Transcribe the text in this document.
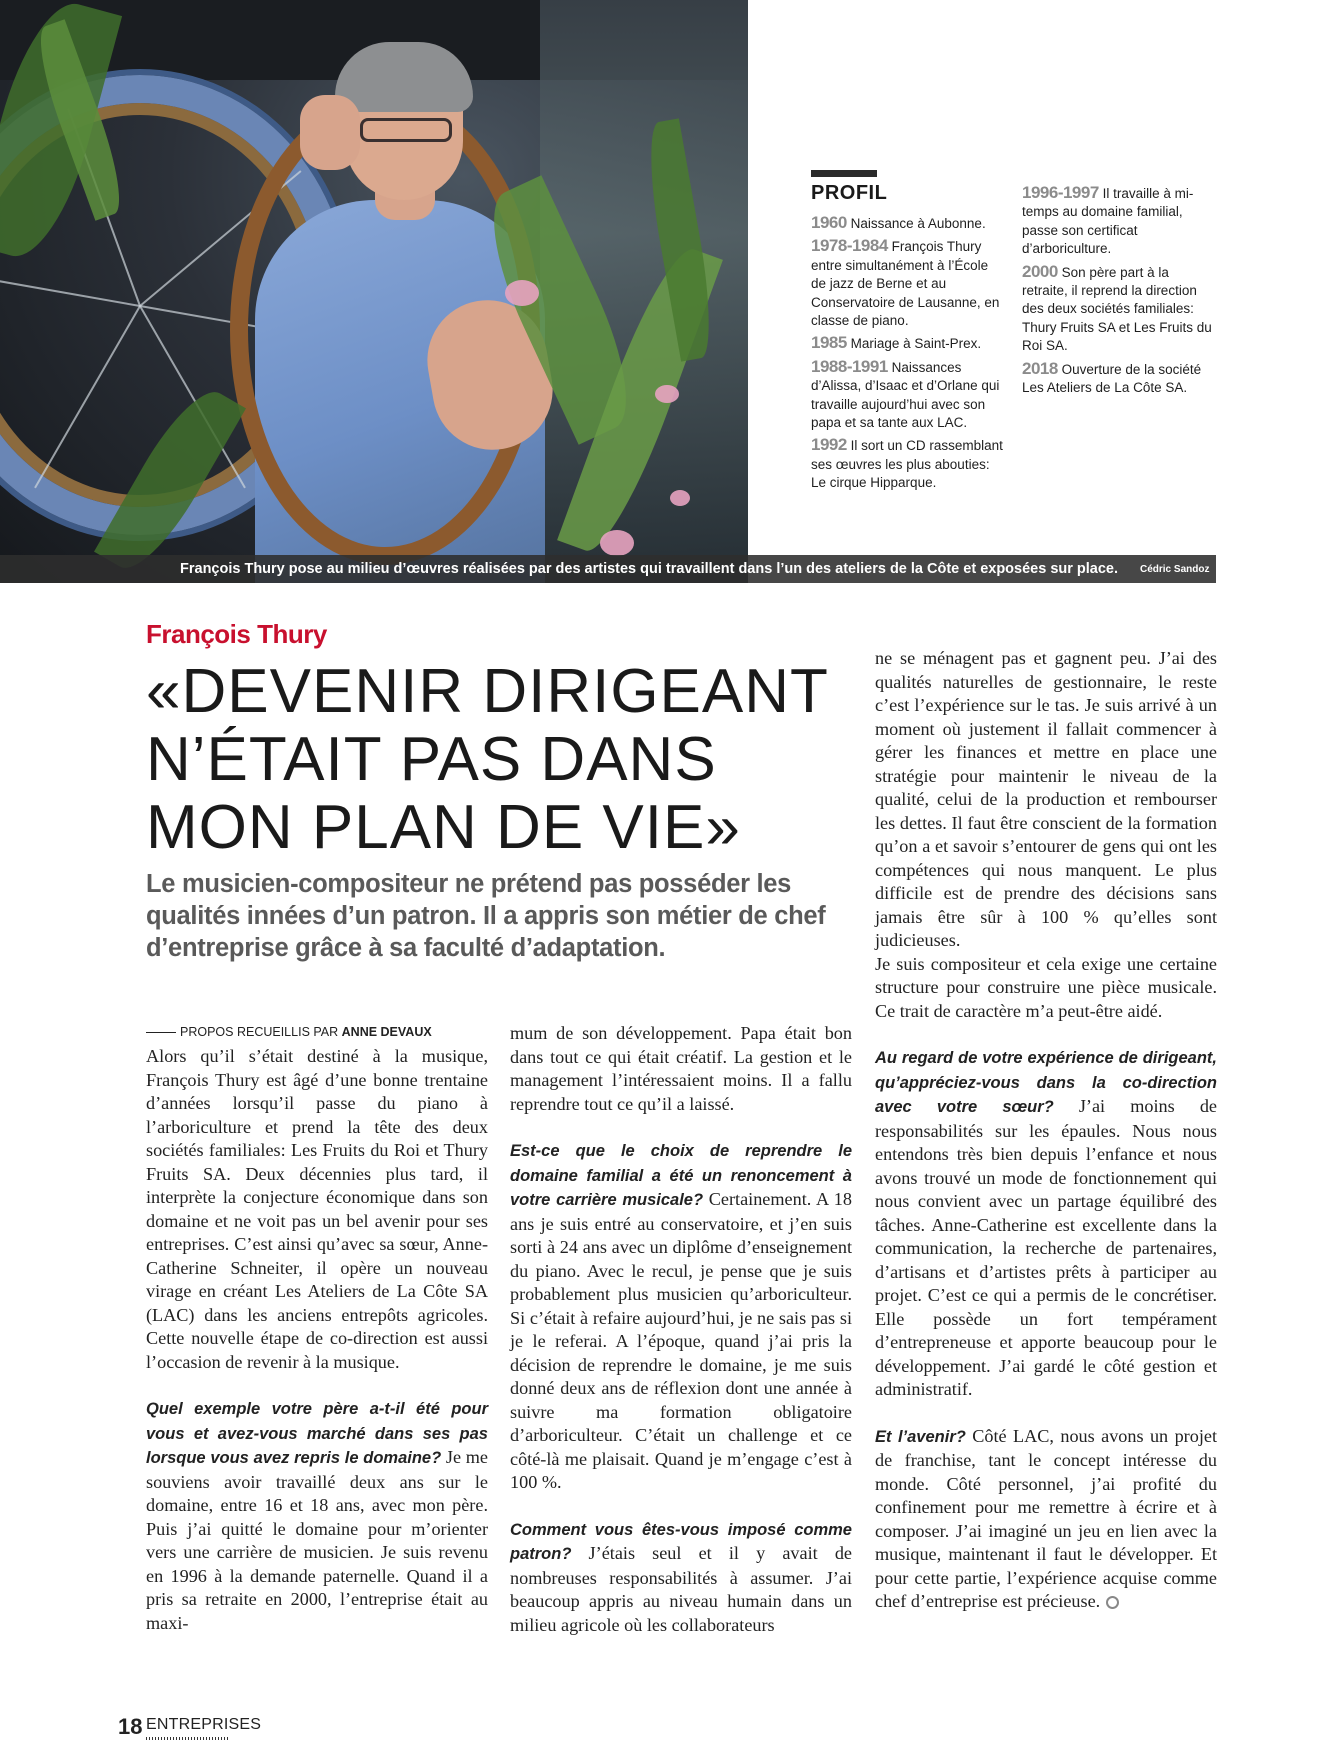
François Thury pose au milieu d’œuvres réalisées par des artistes qui travaillent dans l’un des ateliers de la Côte et exposées sur place. Cédric Sandoz
PROFIL

1960 Naissance à Aubonne.

1978-1984 François Thury entre simultanément à l’École de jazz de Berne et au Conservatoire de Lausanne, en classe de piano.

1985 Mariage à Saint-Prex.

1988-1991 Naissances d’Alissa, d’Isaac et d’Orlane qui travaille aujourd’hui avec son papa et sa tante aux LAC.

1992 Il sort un CD rassemblant ses œuvres les plus abouties: Le cirque Hipparque.

1996-1997 Il travaille à mi-temps au domaine familial, passe son certificat d’arboriculture.

2000 Son père part à la retraite, il reprend la direction des deux sociétés familiales: Thury Fruits SA et Les Fruits du Roi SA.

2018 Ouverture de la société Les Ateliers de La Côte SA.

François Thury
«DEVENIR DIRIGEANT N’ÉTAIT PAS DANS MON PLAN DE VIE»

Le musicien-compositeur ne prétend pas posséder les qualités innées d’un patron. Il a appris son métier de chef d’entreprise grâce à sa faculté d’adaptation.

PROPOS RECUEILLIS PAR ANNE DEVAUX

Alors qu’il s’était destiné à la musique, François Thury est âgé d’une bonne trentaine d’années lorsqu’il passe du piano à l’arboriculture et prend la tête des deux sociétés familiales: Les Fruits du Roi et Thury Fruits SA. Deux décennies plus tard, il interprète la conjecture économique dans son domaine et ne voit pas un bel avenir pour ses entreprises. C’est ainsi qu’avec sa sœur, Anne-Catherine Schneiter, il opère un nouveau virage en créant Les Ateliers de La Côte SA (LAC) dans les anciens entrepôts agricoles. Cette nouvelle étape de co-direction est aussi l’occasion de revenir à la musique.

Quel exemple votre père a-t-il été pour vous et avez-vous marché dans ses pas lorsque vous avez repris le domaine? Je me souviens avoir travaillé deux ans sur le domaine, entre 16 et 18 ans, avec mon père. Puis j’ai quitté le domaine pour m’orienter vers une carrière de musicien. Je suis revenu en 1996 à la demande paternelle. Quand il a pris sa retraite en 2000, l’entreprise était au maxi-

mum de son développement. Papa était bon dans tout ce qui était créatif. La gestion et le management l’intéressaient moins. Il a fallu reprendre tout ce qu’il a laissé.

Est-ce que le choix de reprendre le domaine familial a été un renoncement à votre carrière musicale? Certainement. A 18 ans je suis entré au conservatoire, et j’en suis sorti à 24 ans avec un diplôme d’enseignement du piano. Avec le recul, je pense que je suis probablement plus musicien qu’arboriculteur. Si c’était à refaire aujourd’hui, je ne sais pas si je le referai. A l’époque, quand j’ai pris la décision de reprendre le domaine, je me suis donné deux ans de réflexion dont une année à suivre ma formation obligatoire d’arboriculteur. C’était un challenge et ce côté-là me plaisait. Quand je m’engage c’est à 100 %.

Comment vous êtes-vous imposé comme patron? J’étais seul et il y avait de nombreuses responsabilités à assumer. J’ai beaucoup appris au niveau humain dans un milieu agricole où les collaborateurs

ne se ménagent pas et gagnent peu. J’ai des qualités naturelles de gestionnaire, le reste c’est l’expérience sur le tas. Je suis arrivé à un moment où justement il fallait commencer à gérer les finances et mettre en place une stratégie pour maintenir le niveau de la qualité, celui de la production et rembourser les dettes. Il faut être conscient de la formation qu’on a et savoir s’entourer de gens qui ont les compétences qui nous manquent. Le plus difficile est de prendre des décisions sans jamais être sûr à 100 % qu’elles sont judicieuses.

Je suis compositeur et cela exige une certaine structure pour construire une pièce musicale. Ce trait de caractère m’a peut-être aidé.

Au regard de votre expérience de dirigeant, qu’appréciez-vous dans la co-direction avec votre sœur? J’ai moins de responsabilités sur les épaules. Nous nous entendons très bien depuis l’enfance et nous avons trouvé un mode de fonctionnement qui nous convient avec un partage équilibré des tâches. Anne-Catherine est excellente dans la communication, la recherche de partenaires, d’artisans et d’artistes prêts à participer au projet. C’est ce qui a permis de le concrétiser. Elle possède un fort tempérament d’entrepreneuse et apporte beaucoup pour le développement. J’ai gardé le côté gestion et administratif.

Et l’avenir? Côté LAC, nous avons un projet de franchise, tant le concept intéresse du monde. Côté personnel, j’ai profité du confinement pour me remettre à écrire et à composer. J’ai imaginé un jeu en lien avec la musique, maintenant il faut le développer. Et pour cette partie, l’expérience acquise comme chef d’entreprise est précieuse.

18 ENTREPRISES
